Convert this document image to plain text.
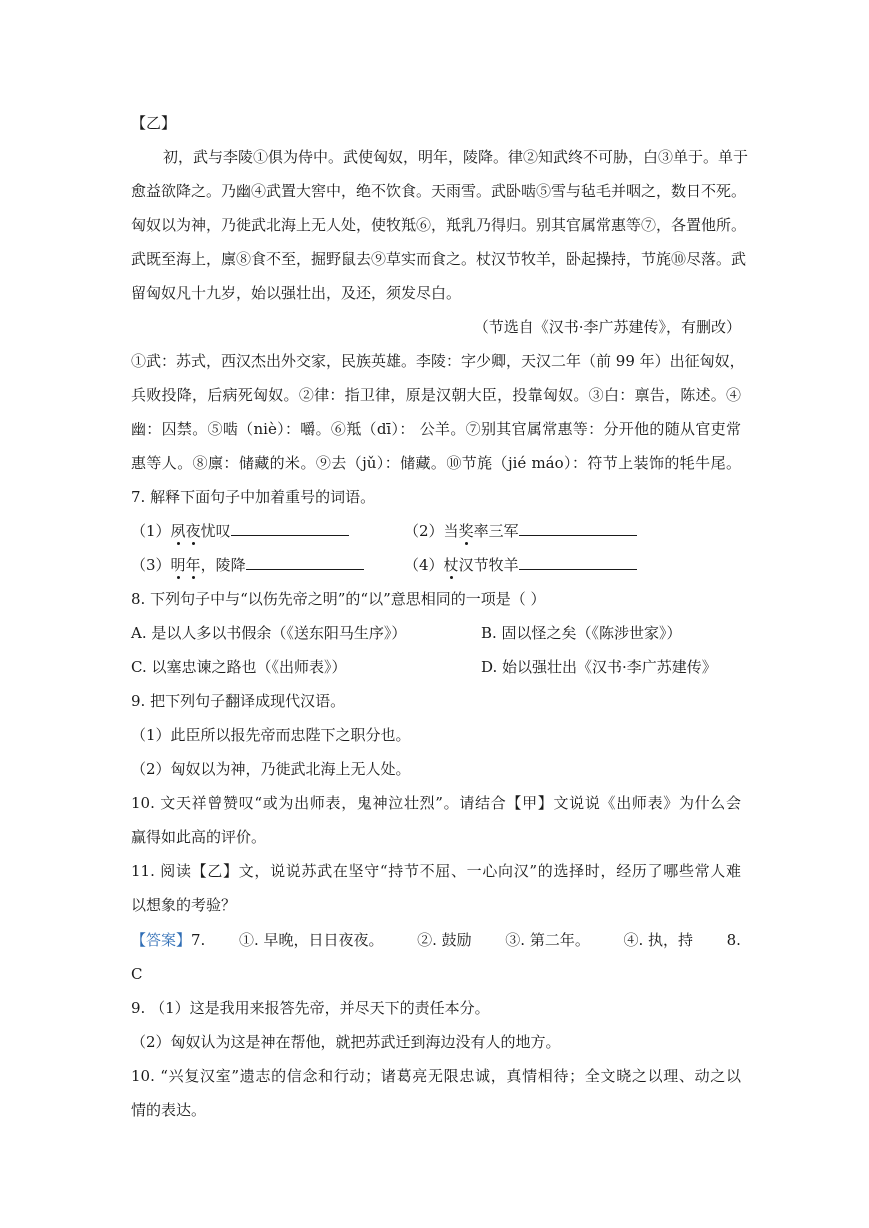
【乙】
初，武与李陵①俱为侍中。武使匈奴，明年，陵降。律②知武终不可胁，白③单于。单于
愈益欲降之。乃幽④武置大窖中，绝不饮食。天雨雪。武卧啮⑤雪与毡毛并咽之，数日不死。
匈奴以为神，乃徙武北海上无人处，使牧羝⑥，羝乳乃得归。别其官属常惠等⑦，各置他所。
武既至海上，廪⑧食不至，掘野鼠去⑨草实而食之。杖汉节牧羊，卧起操持，节旄⑩尽落。武
留匈奴凡十九岁，始以强壮出，及还，须发尽白。
（节选自《汉书·李广苏建传》，有删改）
①武：苏式，西汉杰出外交家，民族英雄。李陵：字少卿，天汉二年（前 99 年）出征匈奴，
兵败投降，后病死匈奴。②律：指卫律，原是汉朝大臣，投靠匈奴。③白：禀告，陈述。④
幽：囚禁。⑤啮（niè）：嚼。⑥羝（dī）： 公羊。⑦别其官属常惠等：分开他的随从官吏常
惠等人。⑧廪：储藏的米。⑨去（jǔ）：储藏。⑩节旄（jié máo）：符节上装饰的牦牛尾。
7. 解释下面句子中加着重号的词语。
（1）夙夜忧叹	（2）当奖率三军
（3）明年，陵降	（4）杖汉节牧羊
8. 下列句子中与“以伤先帝之明”的“以”意思相同的一项是（ ）
A. 是以人多以书假余（《送东阳马生序》）	B. 固以怪之矣（《陈涉世家》）
C. 以塞忠谏之路也（《出师表》）	D. 始以强壮出《汉书·李广苏建传》
9. 把下列句子翻译成现代汉语。
（1）此臣所以报先帝而忠陛下之职分也。
（2）匈奴以为神，乃徙武北海上无人处。
10. 文天祥曾赞叹“或为出师表，鬼神泣壮烈”。请结合【甲】文说说《出师表》为什么会
赢得如此高的评价。
11. 阅读【乙】文，说说苏武在坚守“持节不屈、一心向汉”的选择时，经历了哪些常人难
以想象的考验？
【答案】7. ①. 早晚，日日夜夜。 ②. 鼓励 ③. 第二年。 ④. 执，持 8.
C
9. （1）这是我用来报答先帝，并尽天下的责任本分。
（2）匈奴认为这是神在帮他，就把苏武迁到海边没有人的地方。
10. “兴复汉室”遗志的信念和行动；诸葛亮无限忠诚，真情相待；全文晓之以理、动之以
情的表达。
